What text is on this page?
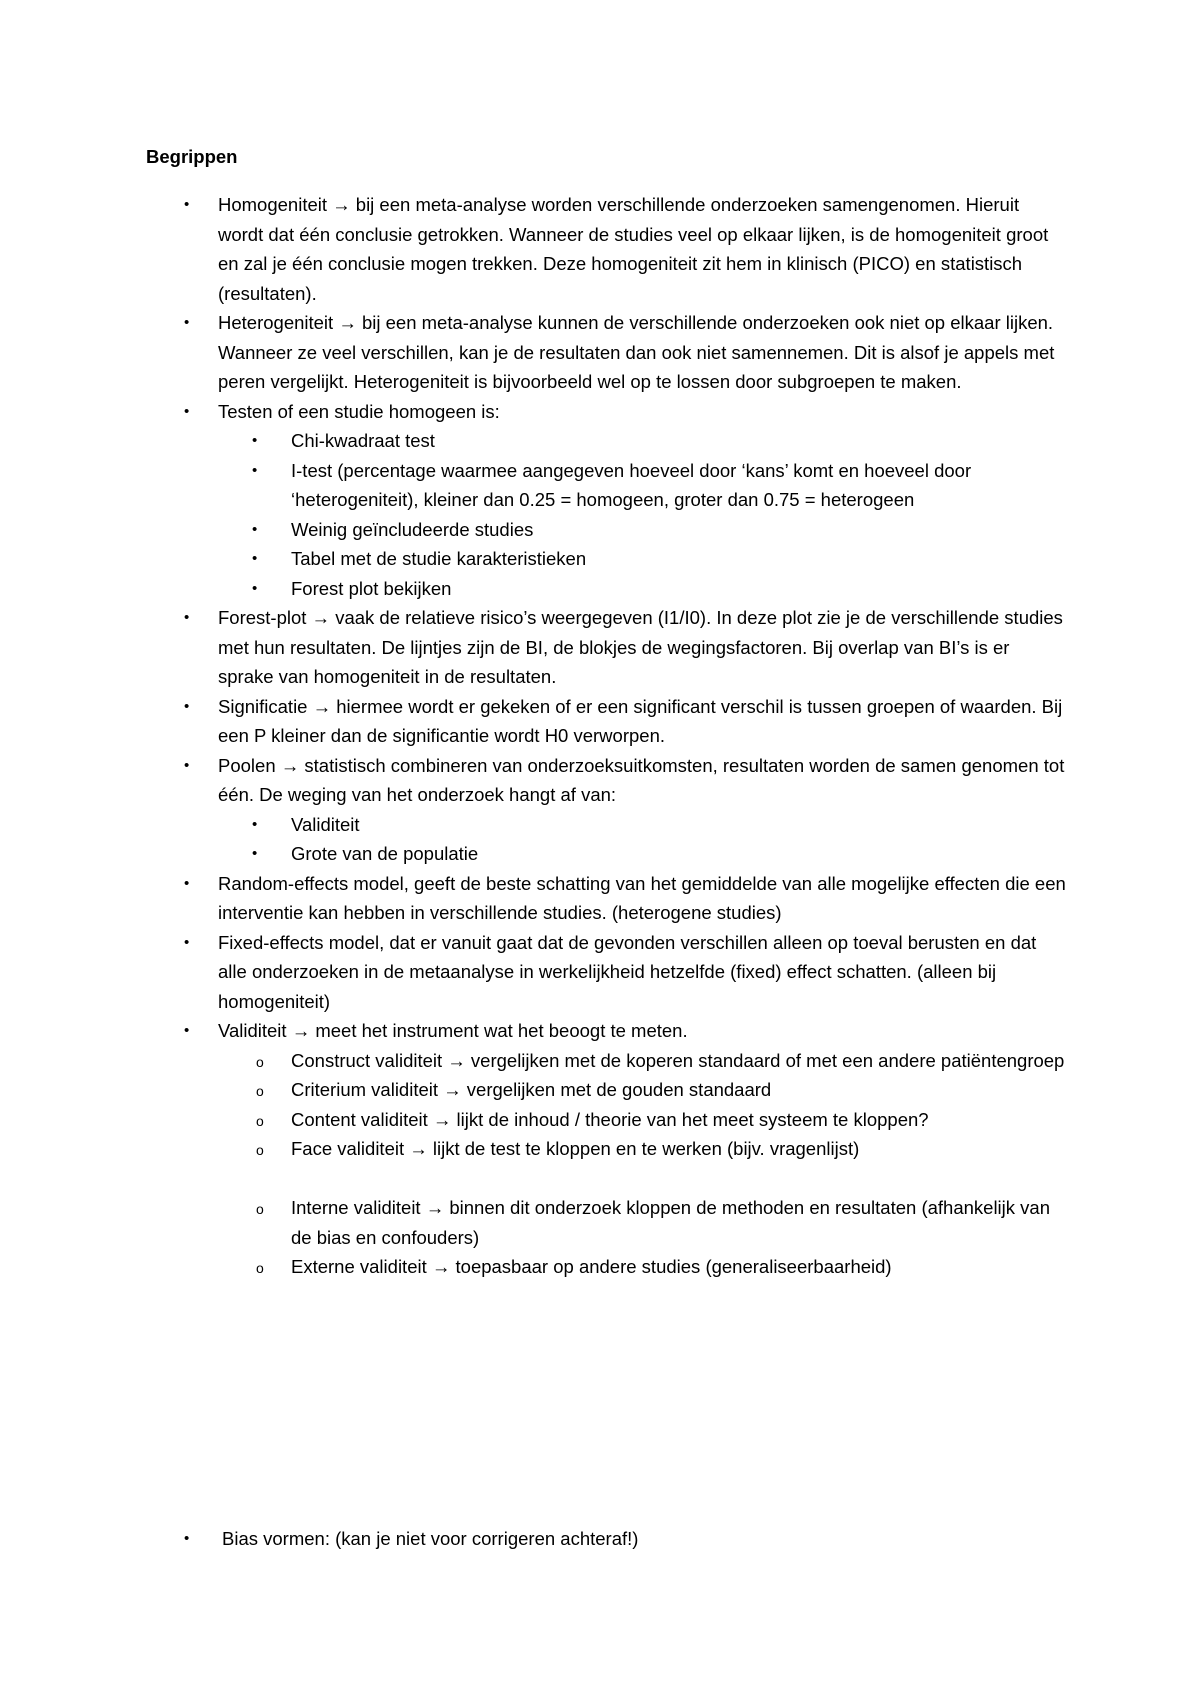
Begrippen
• Homogeniteit → bij een meta-analyse worden verschillende onderzoeken samengenomen. Hieruit wordt dat één conclusie getrokken. Wanneer de studies veel op elkaar lijken, is de homogeniteit groot en zal je één conclusie mogen trekken. Deze homogeniteit zit hem in klinisch (PICO) en statistisch (resultaten).
• Heterogeniteit → bij een meta-analyse kunnen de verschillende onderzoeken ook niet op elkaar lijken. Wanneer ze veel verschillen, kan je de resultaten dan ook niet samennemen. Dit is alsof je appels met peren vergelijkt. Heterogeniteit is bijvoorbeeld wel op te lossen door subgroepen te maken.
• Testen of een studie homogeen is:
• Chi-kwadraat test
• I-test (percentage waarmee aangegeven hoeveel door ‘kans’ komt en hoeveel door ‘heterogeniteit), kleiner dan 0.25 = homogeen, groter dan 0.75 = heterogeen
• Weinig geïncludeerde studies
• Tabel met de studie karakteristieken
• Forest plot bekijken
• Forest-plot → vaak de relatieve risico’s weergegeven (I1/I0). In deze plot zie je de verschillende studies met hun resultaten. De lijntjes zijn de BI, de blokjes de wegingsfactoren. Bij overlap van BI’s is er sprake van homogeniteit in de resultaten.
• Significatie → hiermee wordt er gekeken of er een significant verschil is tussen groepen of waarden. Bij een P kleiner dan de significantie wordt H0 verworpen.
• Poolen → statistisch combineren van onderzoeksuitkomsten, resultaten worden de samen genomen tot één. De weging van het onderzoek hangt af van:
• Validiteit
• Grote van de populatie
• Random-effects model, geeft de beste schatting van het gemiddelde van alle mogelijke effecten die een interventie kan hebben in verschillende studies. (heterogene studies)
• Fixed-effects model, dat er vanuit gaat dat de gevonden verschillen alleen op toeval berusten en dat alle onderzoeken in de metaanalyse in werkelijkheid hetzelfde (fixed) effect schatten. (alleen bij homogeniteit)
• Validiteit → meet het instrument wat het beoogt te meten.
o Construct validiteit → vergelijken met de koperen standaard of met een andere patiëntengroep
o Criterium validiteit → vergelijken met de gouden standaard
o Content validiteit → lijkt de inhoud / theorie van het meet systeem te kloppen?
o Face validiteit → lijkt de test te kloppen en te werken (bijv. vragenlijst)
o Interne validiteit → binnen dit onderzoek kloppen de methoden en resultaten (afhankelijk van de bias en confouders)
o Externe validiteit → toepasbaar op andere studies (generaliseerbaarheid)
• Bias vormen: (kan je niet voor corrigeren achteraf!)
